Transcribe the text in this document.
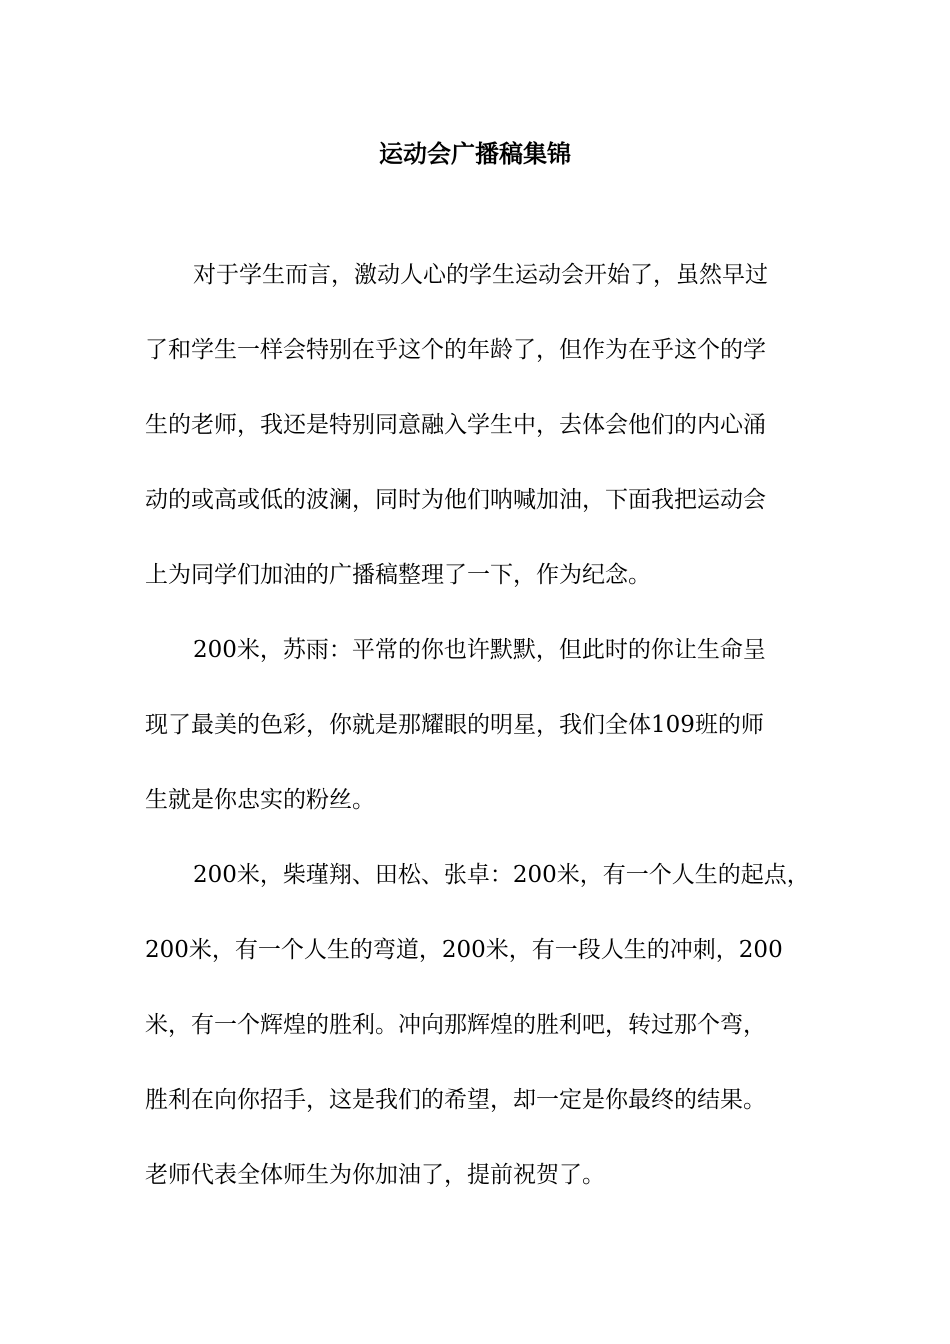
运动会广播稿集锦
对于学生而言，激动人心的学生运动会开始了，虽然早过
了和学生一样会特别在乎这个的年龄了，但作为在乎这个的学
生的老师，我还是特别同意融入学生中，去体会他们的内心涌
动的或高或低的波澜，同时为他们呐喊加油，下面我把运动会
上为同学们加油的广播稿整理了一下，作为纪念。
200米，苏雨：平常的你也许默默，但此时的你让生命呈
现了最美的色彩，你就是那耀眼的明星，我们全体109班的师
生就是你忠实的粉丝。
200米，柴瑾翔、田松、张卓：200米，有一个人生的起点，
200米，有一个人生的弯道，200米，有一段人生的冲刺，200
米，有一个辉煌的胜利。冲向那辉煌的胜利吧，转过那个弯，
胜利在向你招手，这是我们的希望，却一定是你最终的结果。
老师代表全体师生为你加油了，提前祝贺了。
